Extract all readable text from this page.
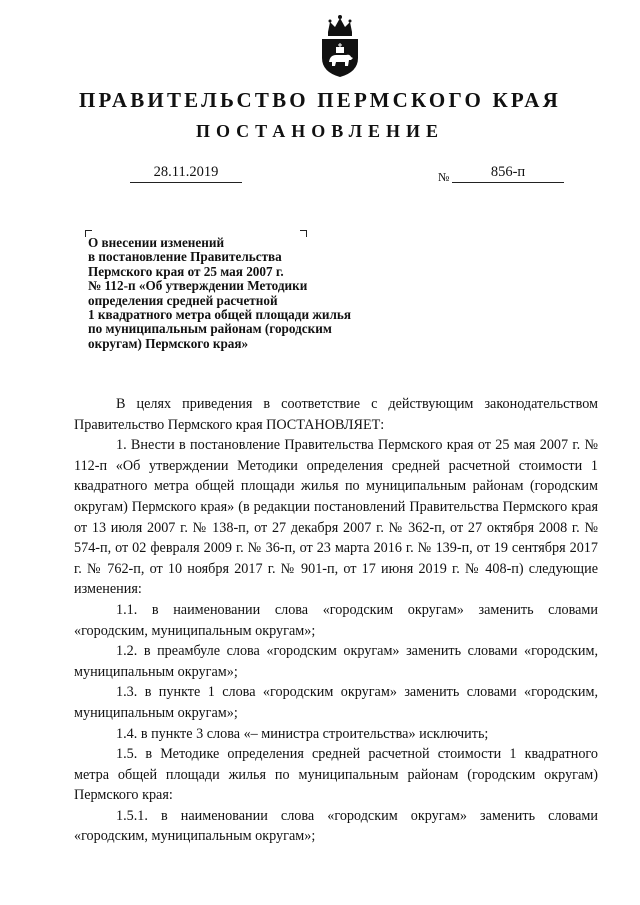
ПРАВИТЕЛЬСТВО ПЕРМСКОГО КРАЯ
ПОСТАНОВЛЕНИЕ
28.11.2019	№	856-п
О внесении изменений
в постановление Правительства
Пермского края от 25 мая 2007 г.
№ 112-п «Об утверждении Методики
определения средней расчетной
1 квадратного метра общей площади жилья
по муниципальным районам (городским
округам) Пермского края»

В целях приведения в соответствие с действующим законодательством Правительство Пермского края ПОСТАНОВЛЯЕТ:

1. Внести в постановление Правительства Пермского края от 25 мая 2007 г. № 112-п «Об утверждении Методики определения средней расчетной стоимости 1 квадратного метра общей площади жилья по муниципальным районам (городским округам) Пермского края» (в редакции постановлений Правительства Пермского края от 13 июля 2007 г. № 138-п, от 27 декабря 2007 г. № 362-п, от 27 октября 2008 г. № 574-п, от 02 февраля 2009 г. № 36-п, от 23 марта 2016 г. № 139-п, от 19 сентября 2017 г. № 762-п, от 10 ноября 2017 г. № 901-п, от 17 июня 2019 г. № 408-п) следующие изменения:

1.1. в наименовании слова «городским округам» заменить словами «городским, муниципальным округам»;

1.2. в преамбуле слова «городским округам» заменить словами «городским, муниципальным округам»;

1.3. в пункте 1 слова «городским округам» заменить словами «городским, муниципальным округам»;

1.4. в пункте 3 слова «– министра строительства» исключить;

1.5. в Методике определения средней расчетной стоимости 1 квадратного метра общей площади жилья по муниципальным районам (городским округам) Пермского края:

1.5.1. в наименовании слова «городским округам» заменить словами «городским, муниципальным округам»;
